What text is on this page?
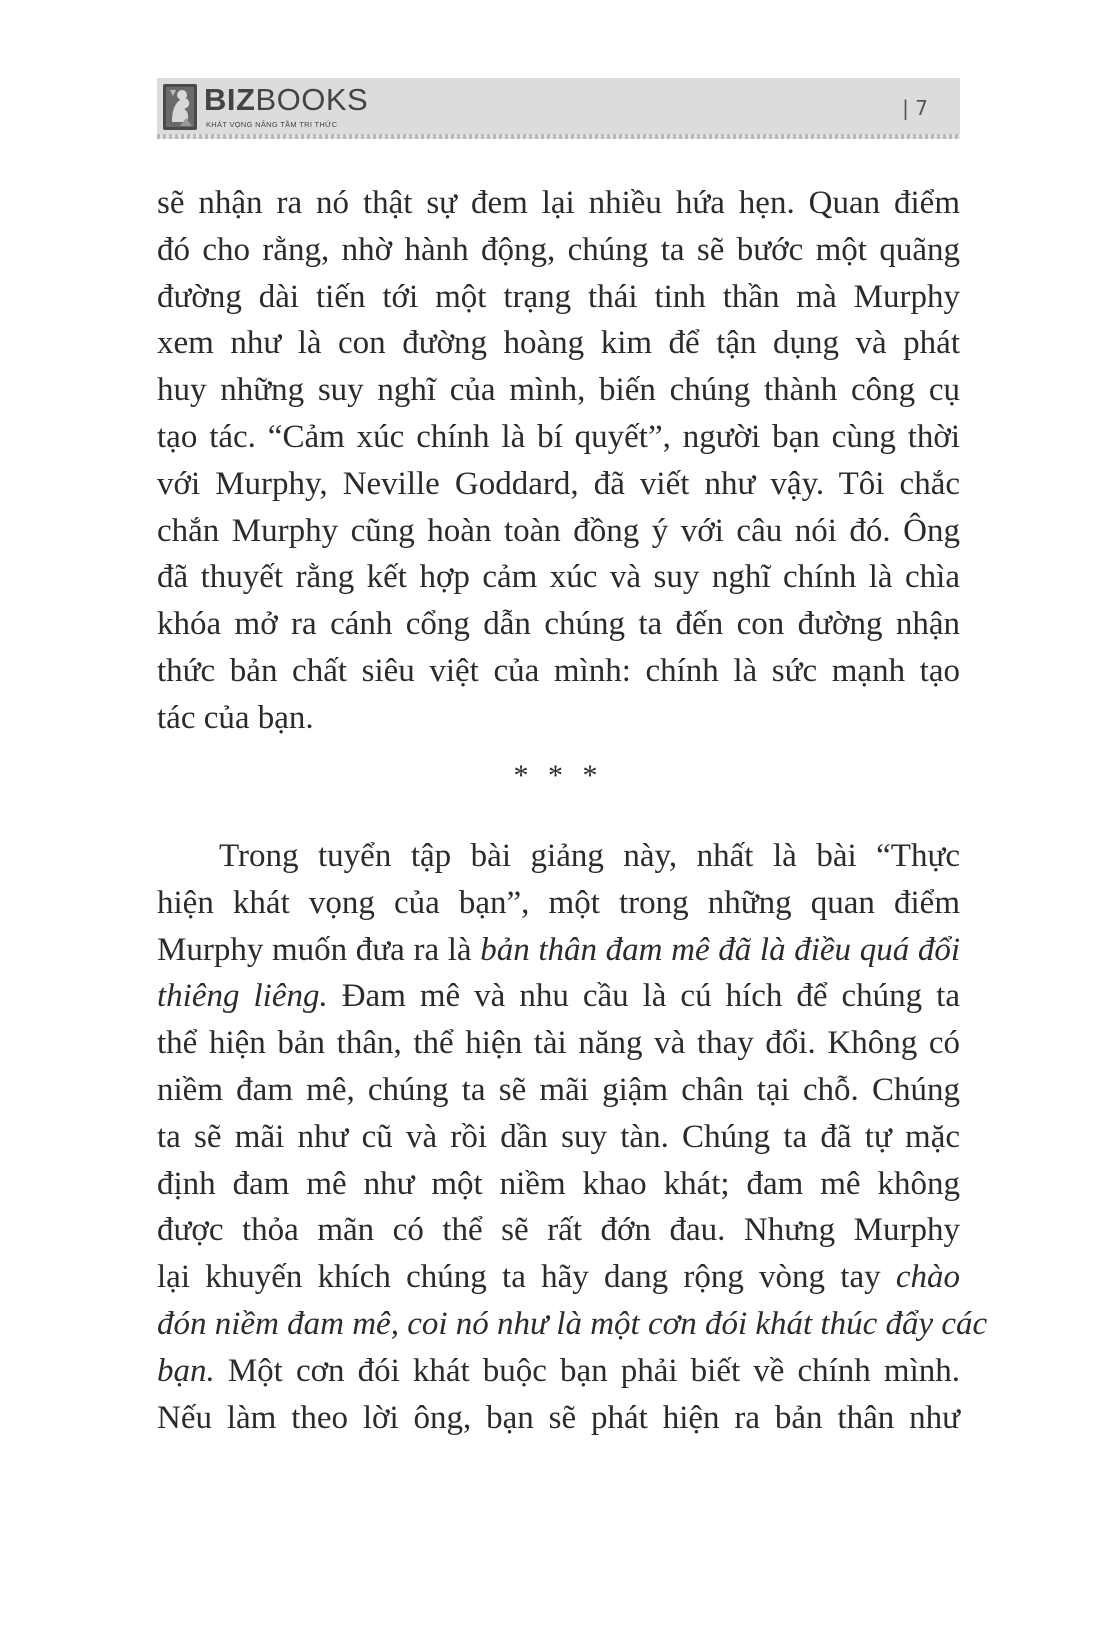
BIZBOOKS
KHÁT VỌNG NÂNG TẦM TRI THỨC
| 7
sẽ nhận ra nó thật sự đem lại nhiều hứa hẹn. Quan điểm
đó cho rằng, nhờ hành động, chúng ta sẽ bước một quãng
đường dài tiến tới một trạng thái tinh thần mà Murphy
xem như là con đường hoàng kim để tận dụng và phát
huy những suy nghĩ của mình, biến chúng thành công cụ
tạo tác. “Cảm xúc chính là bí quyết”, người bạn cùng thời
với Murphy, Neville Goddard, đã viết như vậy. Tôi chắc
chắn Murphy cũng hoàn toàn đồng ý với câu nói đó. Ông
đã thuyết rằng kết hợp cảm xúc và suy nghĩ chính là chìa
khóa mở ra cánh cổng dẫn chúng ta đến con đường nhận
thức bản chất siêu việt của mình: chính là sức mạnh tạo
tác của bạn.
* * *
Trong tuyển tập bài giảng này, nhất là bài “Thực
hiện khát vọng của bạn”, một trong những quan điểm
Murphy muốn đưa ra là bản thân đam mê đã là điều quá đổi
thiêng liêng. Đam mê và nhu cầu là cú hích để chúng ta
thể hiện bản thân, thể hiện tài năng và thay đổi. Không có
niềm đam mê, chúng ta sẽ mãi giậm chân tại chỗ. Chúng
ta sẽ mãi như cũ và rồi dần suy tàn. Chúng ta đã tự mặc
định đam mê như một niềm khao khát; đam mê không
được thỏa mãn có thể sẽ rất đớn đau. Nhưng Murphy
lại khuyến khích chúng ta hãy dang rộng vòng tay chào
đón niềm đam mê, coi nó như là một cơn đói khát thúc đẩy các
bạn. Một cơn đói khát buộc bạn phải biết về chính mình.
Nếu làm theo lời ông, bạn sẽ phát hiện ra bản thân như
